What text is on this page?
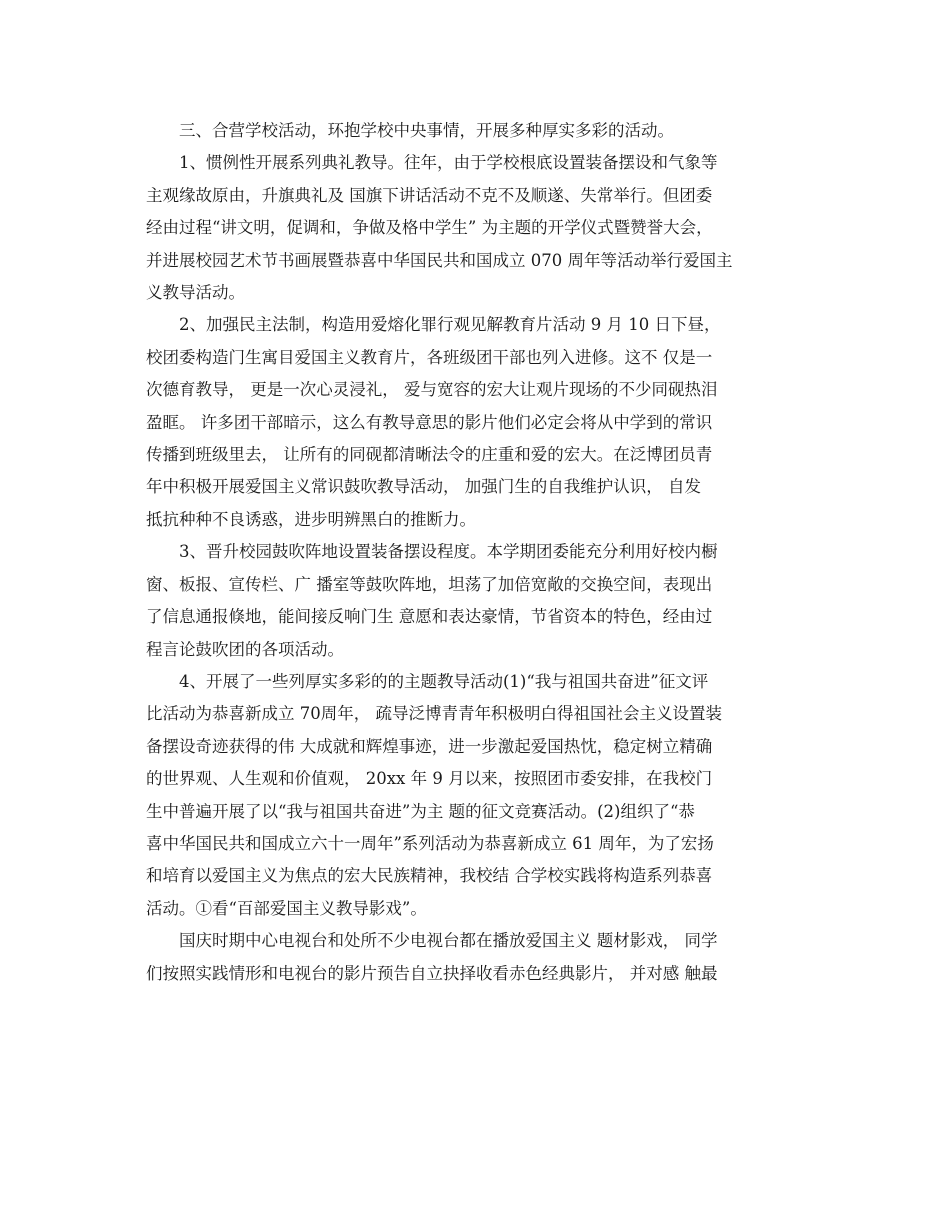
三、合营学校活动，环抱学校中央事情，开展多种厚实多彩的活动。
1、惯例性开展系列典礼教导。往年，由于学校根底设置装备摆设和气象等
主观缘故原由，升旗典礼及 国旗下讲话活动不克不及顺遂、失常举行。但团委
经由过程“讲文明，促调和，争做及格中学生” 为主题的开学仪式暨赞誉大会，
并进展校园艺术节书画展暨恭喜中华国民共和国成立 070 周年等活动举行爱国主
义教导活动。
2、加强民主法制，构造用爱熔化罪行观见解教育片活动 9 月 10 日下昼，
校团委构造门生寓目爱国主义教育片，各班级团干部也列入进修。这不 仅是一
次德育教导， 更是一次心灵浸礼， 爱与宽容的宏大让观片现场的不少同砚热泪
盈眶。 许多团干部暗示，这么有教导意思的影片他们必定会将从中学到的常识
传播到班级里去， 让所有的同砚都清晰法令的庄重和爱的宏大。在泛博团员青
年中积极开展爱国主义常识鼓吹教导活动， 加强门生的自我维护认识， 自发
抵抗种种不良诱惑，进步明辨黑白的推断力。
3、晋升校园鼓吹阵地设置装备摆设程度。本学期团委能充分利用好校内橱
窗、板报、宣传栏、广 播室等鼓吹阵地，坦荡了加倍宽敞的交换空间，表现出
了信息通报倏地，能间接反响门生 意愿和表达豪情，节省资本的特色，经由过
程言论鼓吹团的各项活动。
4、开展了一些列厚实多彩的的主题教导活动(1)“我与祖国共奋进”征文评
比活动为恭喜新成立 70周年， 疏导泛博青青年积极明白得祖国社会主义设置装
备摆设奇迹获得的伟 大成就和辉煌事迹，进一步激起爱国热忱，稳定树立精确
的世界观、人生观和价值观， 20xx 年 9 月以来，按照团市委安排，在我校门
生中普遍开展了以“我与祖国共奋进”为主 题的征文竞赛活动。(2)组织了“恭
喜中华国民共和国成立六十一周年”系列活动为恭喜新成立 61 周年，为了宏扬
和培育以爱国主义为焦点的宏大民族精神，我校结 合学校实践将构造系列恭喜
活动。①看“百部爱国主义教导影戏”。
国庆时期中心电视台和处所不少电视台都在播放爱国主义 题材影戏， 同学
们按照实践情形和电视台的影片预告自立抉择收看赤色经典影片， 并对感 触最
